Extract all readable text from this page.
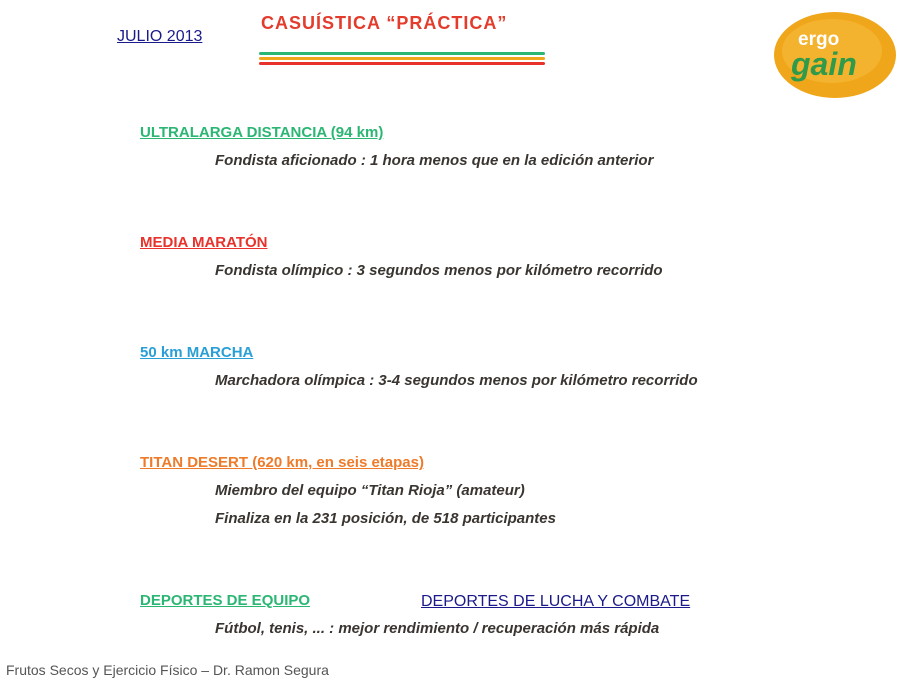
JULIO 2013
CASUÍSTICA “PRÁCTICA”
ergo
gain
ULTRALARGA DISTANCIA (94 km)
Fondista aficionado : 1 hora menos que en la edición anterior
MEDIA MARATÓN
Fondista olímpico : 3 segundos menos por kilómetro recorrido
50 km MARCHA
Marchadora olímpica : 3-4 segundos menos por kilómetro recorrido
TITAN DESERT (620 km, en seis etapas)
Miembro del equipo “Titan Rioja” (amateur)
Finaliza en la 231 posición, de 518 participantes
DEPORTES DE EQUIPO	DEPORTES DE LUCHA Y COMBATE
Fútbol, tenis, ... : mejor rendimiento / recuperación más rápida
Frutos Secos y Ejercicio Físico – Dr. Ramon Segura
